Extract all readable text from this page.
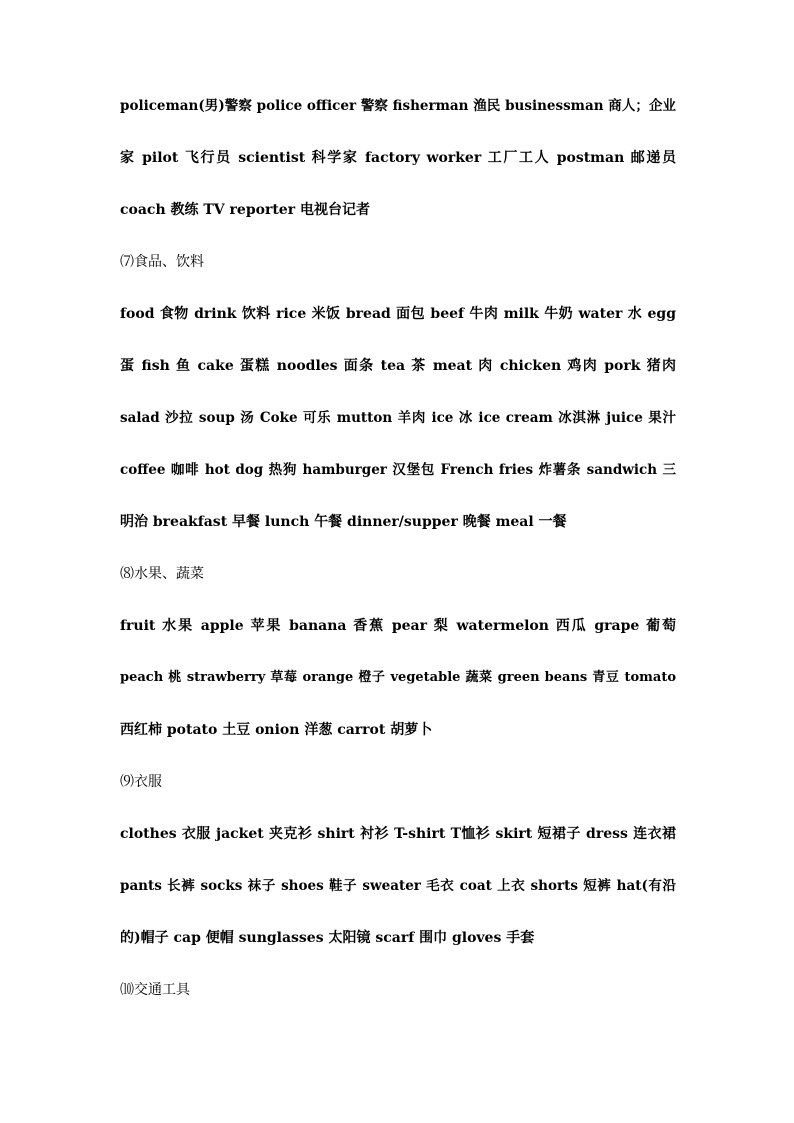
policeman(男)警察 police officer 警察 fisherman 渔民 businessman 商人；企业
家 pilot 飞行员 scientist 科学家 factory worker 工厂工人 postman 邮递员
coach 教练 TV reporter 电视台记者
⑺食品、饮料
food 食物 drink 饮料 rice 米饭 bread 面包 beef 牛肉 milk 牛奶 water 水 egg
蛋 fish 鱼 cake 蛋糕 noodles 面条 tea 茶 meat 肉 chicken 鸡肉 pork 猪肉
salad 沙拉 soup 汤 Coke 可乐 mutton 羊肉 ice 冰 ice cream 冰淇淋 juice 果汁
coffee 咖啡 hot dog 热狗 hamburger 汉堡包 French fries 炸薯条 sandwich 三
明治 breakfast 早餐 lunch 午餐 dinner/supper 晚餐 meal 一餐
⑻水果、蔬菜
fruit 水果 apple 苹果 banana 香蕉 pear 梨 watermelon 西瓜 grape 葡萄
peach 桃 strawberry 草莓 orange 橙子 vegetable 蔬菜 green beans 青豆 tomato
西红柿 potato 土豆 onion 洋葱 carrot 胡萝卜
⑼衣服
clothes 衣服 jacket 夹克衫 shirt 衬衫 T-shirt T恤衫 skirt 短裙子 dress 连衣裙
pants 长裤 socks 袜子 shoes 鞋子 sweater 毛衣 coat 上衣 shorts 短裤 hat(有沿
的)帽子 cap 便帽 sunglasses 太阳镜 scarf 围巾 gloves 手套
⑽交通工具
